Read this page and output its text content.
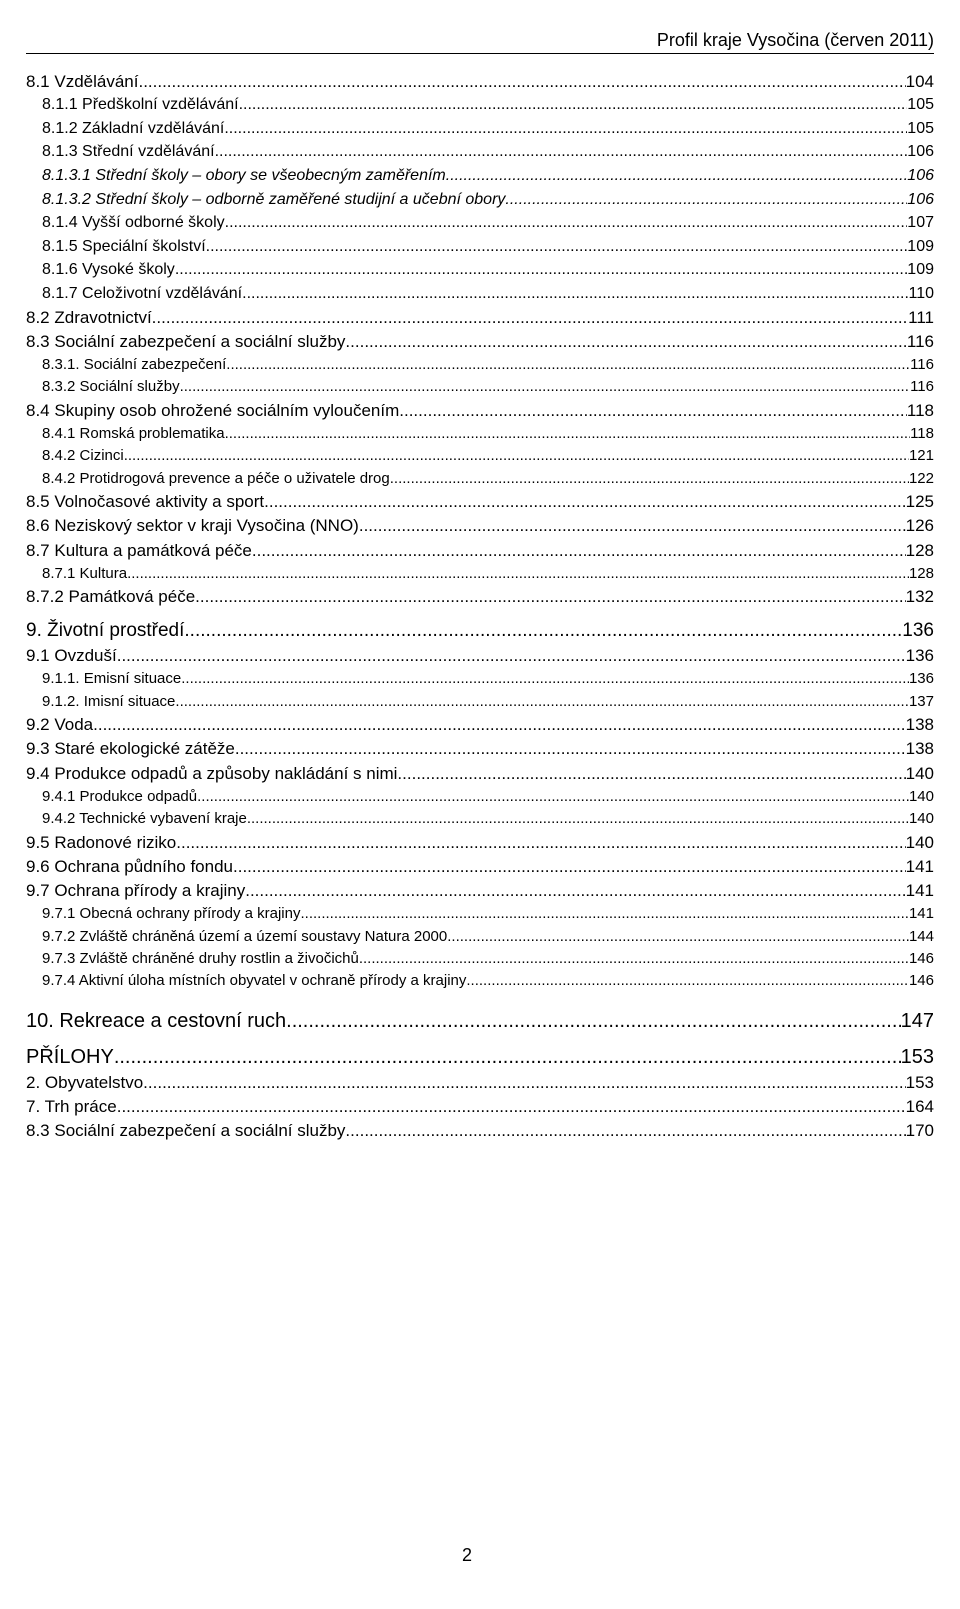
Profil kraje Vysočina (červen 2011)
8.1 Vzdělávání .....	104
8.1.1 Předškolní vzdělávání .....	105
8.1.2 Základní vzdělávání .....	105
8.1.3 Střední vzdělávání .....	106
8.1.3.1 Střední školy – obory se všeobecným zaměřením .....	106
8.1.3.2 Střední školy – odborně zaměřené studijní a učební obory .....	106
8.1.4 Vyšší odborné školy .....	107
8.1.5 Speciální školství .....	109
8.1.6 Vysoké školy .....	109
8.1.7 Celoživotní vzdělávání .....	110
8.2 Zdravotnictví .....	111
8.3 Sociální zabezpečení a sociální služby .....	116
8.3.1. Sociální zabezpečení .....	116
8.3.2 Sociální služby .....	116
8.4 Skupiny osob ohrožené sociálním vyloučením .....	118
8.4.1 Romská problematika .....	118
8.4.2 Cizinci .....	121
8.4.2 Protidrogová prevence a péče o uživatele drog .....	122
8.5 Volnočasové aktivity a sport .....	125
8.6 Neziskový sektor v kraji Vysočina (NNO) .....	126
8.7 Kultura a památková péče .....	128
8.7.1 Kultura .....	128
8.7.2 Památková péče .....	132
9. Životní prostředí .....	136
9.1 Ovzduší .....	136
9.1.1. Emisní situace .....	136
9.1.2. Imisní situace .....	137
9.2 Voda .....	138
9.3 Staré ekologické zátěže .....	138
9.4 Produkce odpadů a způsoby nakládání s nimi .....	140
9.4.1 Produkce odpadů .....	140
9.4.2 Technické vybavení kraje .....	140
9.5 Radonové riziko .....	140
9.6 Ochrana půdního fondu .....	141
9.7 Ochrana přírody a krajiny .....	141
9.7.1 Obecná ochrany přírody a krajiny .....	141
9.7.2 Zvláště chráněná území a území soustavy Natura 2000 .....	144
9.7.3 Zvláště chráněné druhy rostlin a živočichů .....	146
9.7.4 Aktivní úloha místních obyvatel v ochraně přírody a krajiny .....	146
10. Rekreace a cestovní ruch .....	147
PŘÍLOHY .....	153
2. Obyvatelstvo .....	153
7. Trh práce .....	164
8.3 Sociální zabezpečení a sociální služby .....	170
2
